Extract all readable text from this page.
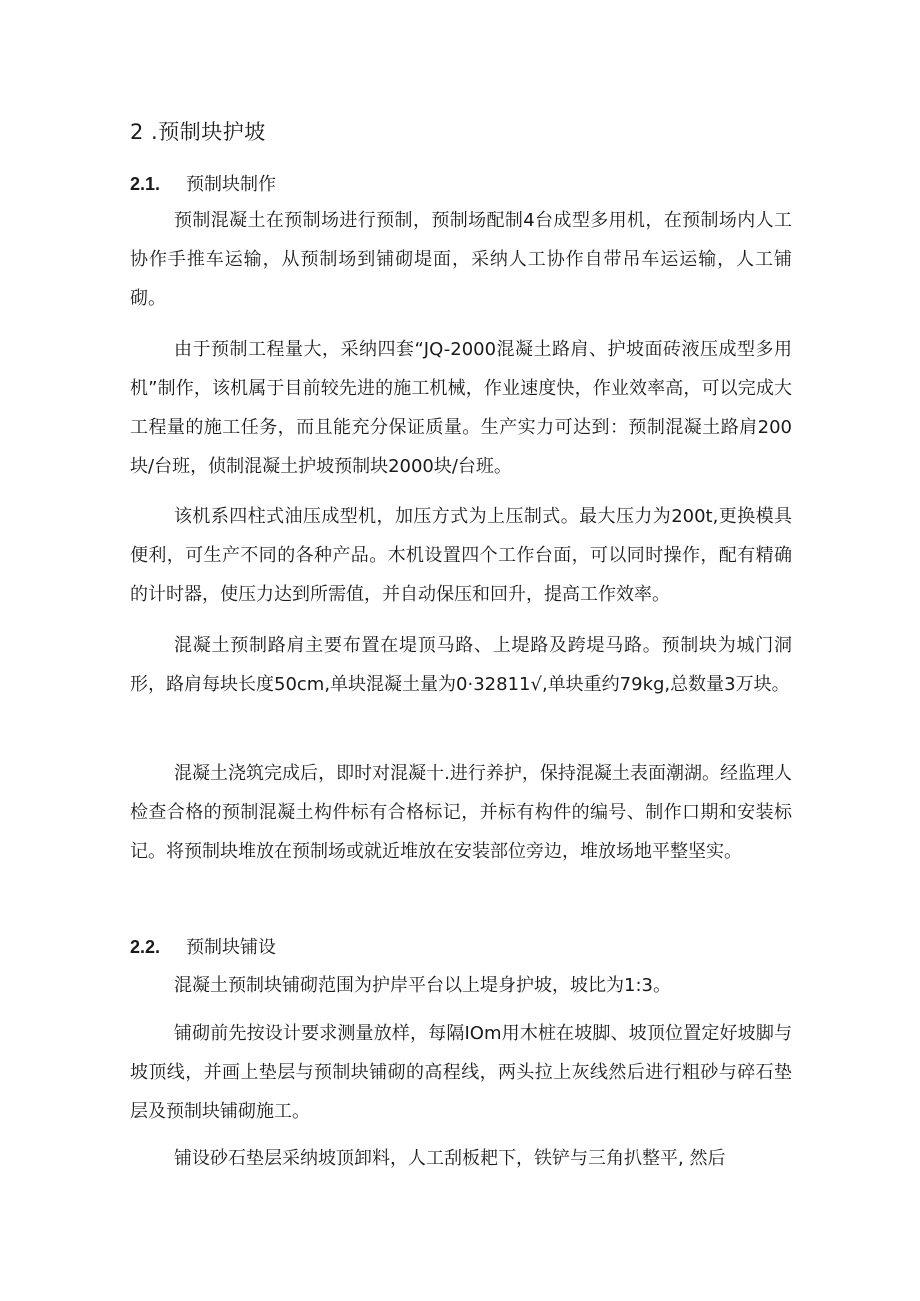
2 .预制块护坡
2.1. 预制块制作
预制混凝土在预制场进行预制，预制场配制4台成型多用机，在预制场内人工协作手推车运输，从预制场到铺砌堤面，采纳人工协作自带吊车运运输，人工铺砌。
由于预制工程量大，采纳四套“JQ-2000混凝土路肩、护坡面砖液压成型多用机”制作，该机属于目前较先进的施工机械，作业速度快，作业效率高，可以完成大工程量的施工任务，而且能充分保证质量。生产实力可达到：预制混凝土路肩200块/台班，侦制混凝土护坡预制块2000块/台班。
该机系四柱式油压成型机，加压方式为上压制式。最大压力为200t,更换模具便利，可生产不同的各种产品。木机设置四个工作台面，可以同时操作，配有精确的计时器，使压力达到所需值，并自动保压和回升，提高工作效率。
混凝土预制路肩主要布置在堤顶马路、上堤路及跨堤马路。预制块为城门洞形，路肩每块长度50cm,单块混凝土量为0·32811√,单块重约79kg,总数量3万块。
混凝土浇筑完成后，即时对混凝十.进行养护，保持混凝土表面潮湖。经监理人检查合格的预制混凝土构件标有合格标记，并标有构件的编号、制作口期和安装标记。将预制块堆放在预制场或就近堆放在安装部位旁边，堆放场地平整坚实。
2.2. 预制块铺设
混凝土预制块铺砌范围为护岸平台以上堤身护坡，坡比为1:3。
铺砌前先按设计要求测量放样，每隔IOm用木桩在坡脚、坡顶位置定好坡脚与坡顶线，并画上垫层与预制块铺砌的高程线，两头拉上灰线然后进行粗砂与碎石垫层及预制块铺砌施工。
铺设砂石垫层采纳坡顶卸料，人工刮板耙下，铁铲与三角扒整平, 然后
